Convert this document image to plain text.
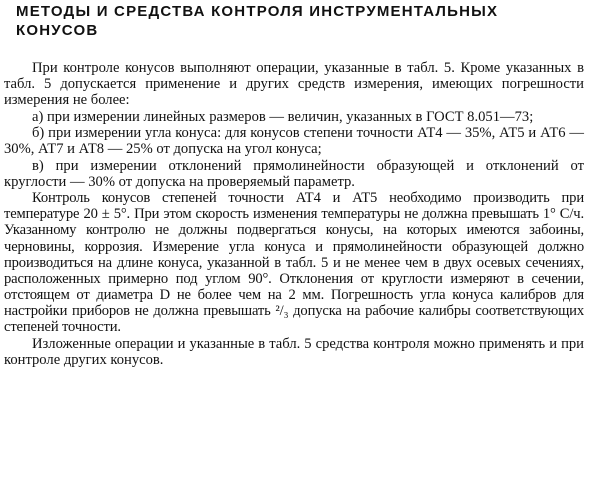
МЕТОДЫ И СРЕДСТВА КОНТРОЛЯ ИНСТРУМЕНТАЛЬНЫХ КОНУСОВ

При контроле конусов выполняют операции, указанные в табл. 5. Кроме указанных в табл. 5 допускается применение и других средств измерения, имеющих погрешности измерения не более:

а) при измерении линейных размеров — величин, указанных в ГОСТ 8.051—73;

б) при измерении угла конуса: для конусов степени точности АТ4 — 35%, АТ5 и АТ6 — 30%, АТ7 и АТ8 — 25% от допуска на угол конуса;

в) при измерении отклонений прямолинейности образующей и отклонений от круглости — 30% от допуска на проверяемый параметр.

Контроль конусов степеней точности АТ4 и АТ5 необходимо производить при температуре 20 ± 5°. При этом скорость изменения температуры не должна превышать 1° С/ч. Указанному контролю не должны подвергаться конусы, на которых имеются забоины, черновины, коррозия. Измерение угла конуса и прямолинейности образующей должно производиться на длине конуса, указанной в табл. 5 и не менее чем в двух осевых сечениях, расположенных примерно под углом 90°. Отклонения от круглости измеряют в сечении, отстоящем от диаметра D не более чем на 2 мм. Погрешность угла конуса калибров для настройки приборов не должна превышать ²/₃ допуска на рабочие калибры соответствующих степеней точности.

Изложенные операции и указанные в табл. 5 средства контроля можно применять и при контроле других конусов.
